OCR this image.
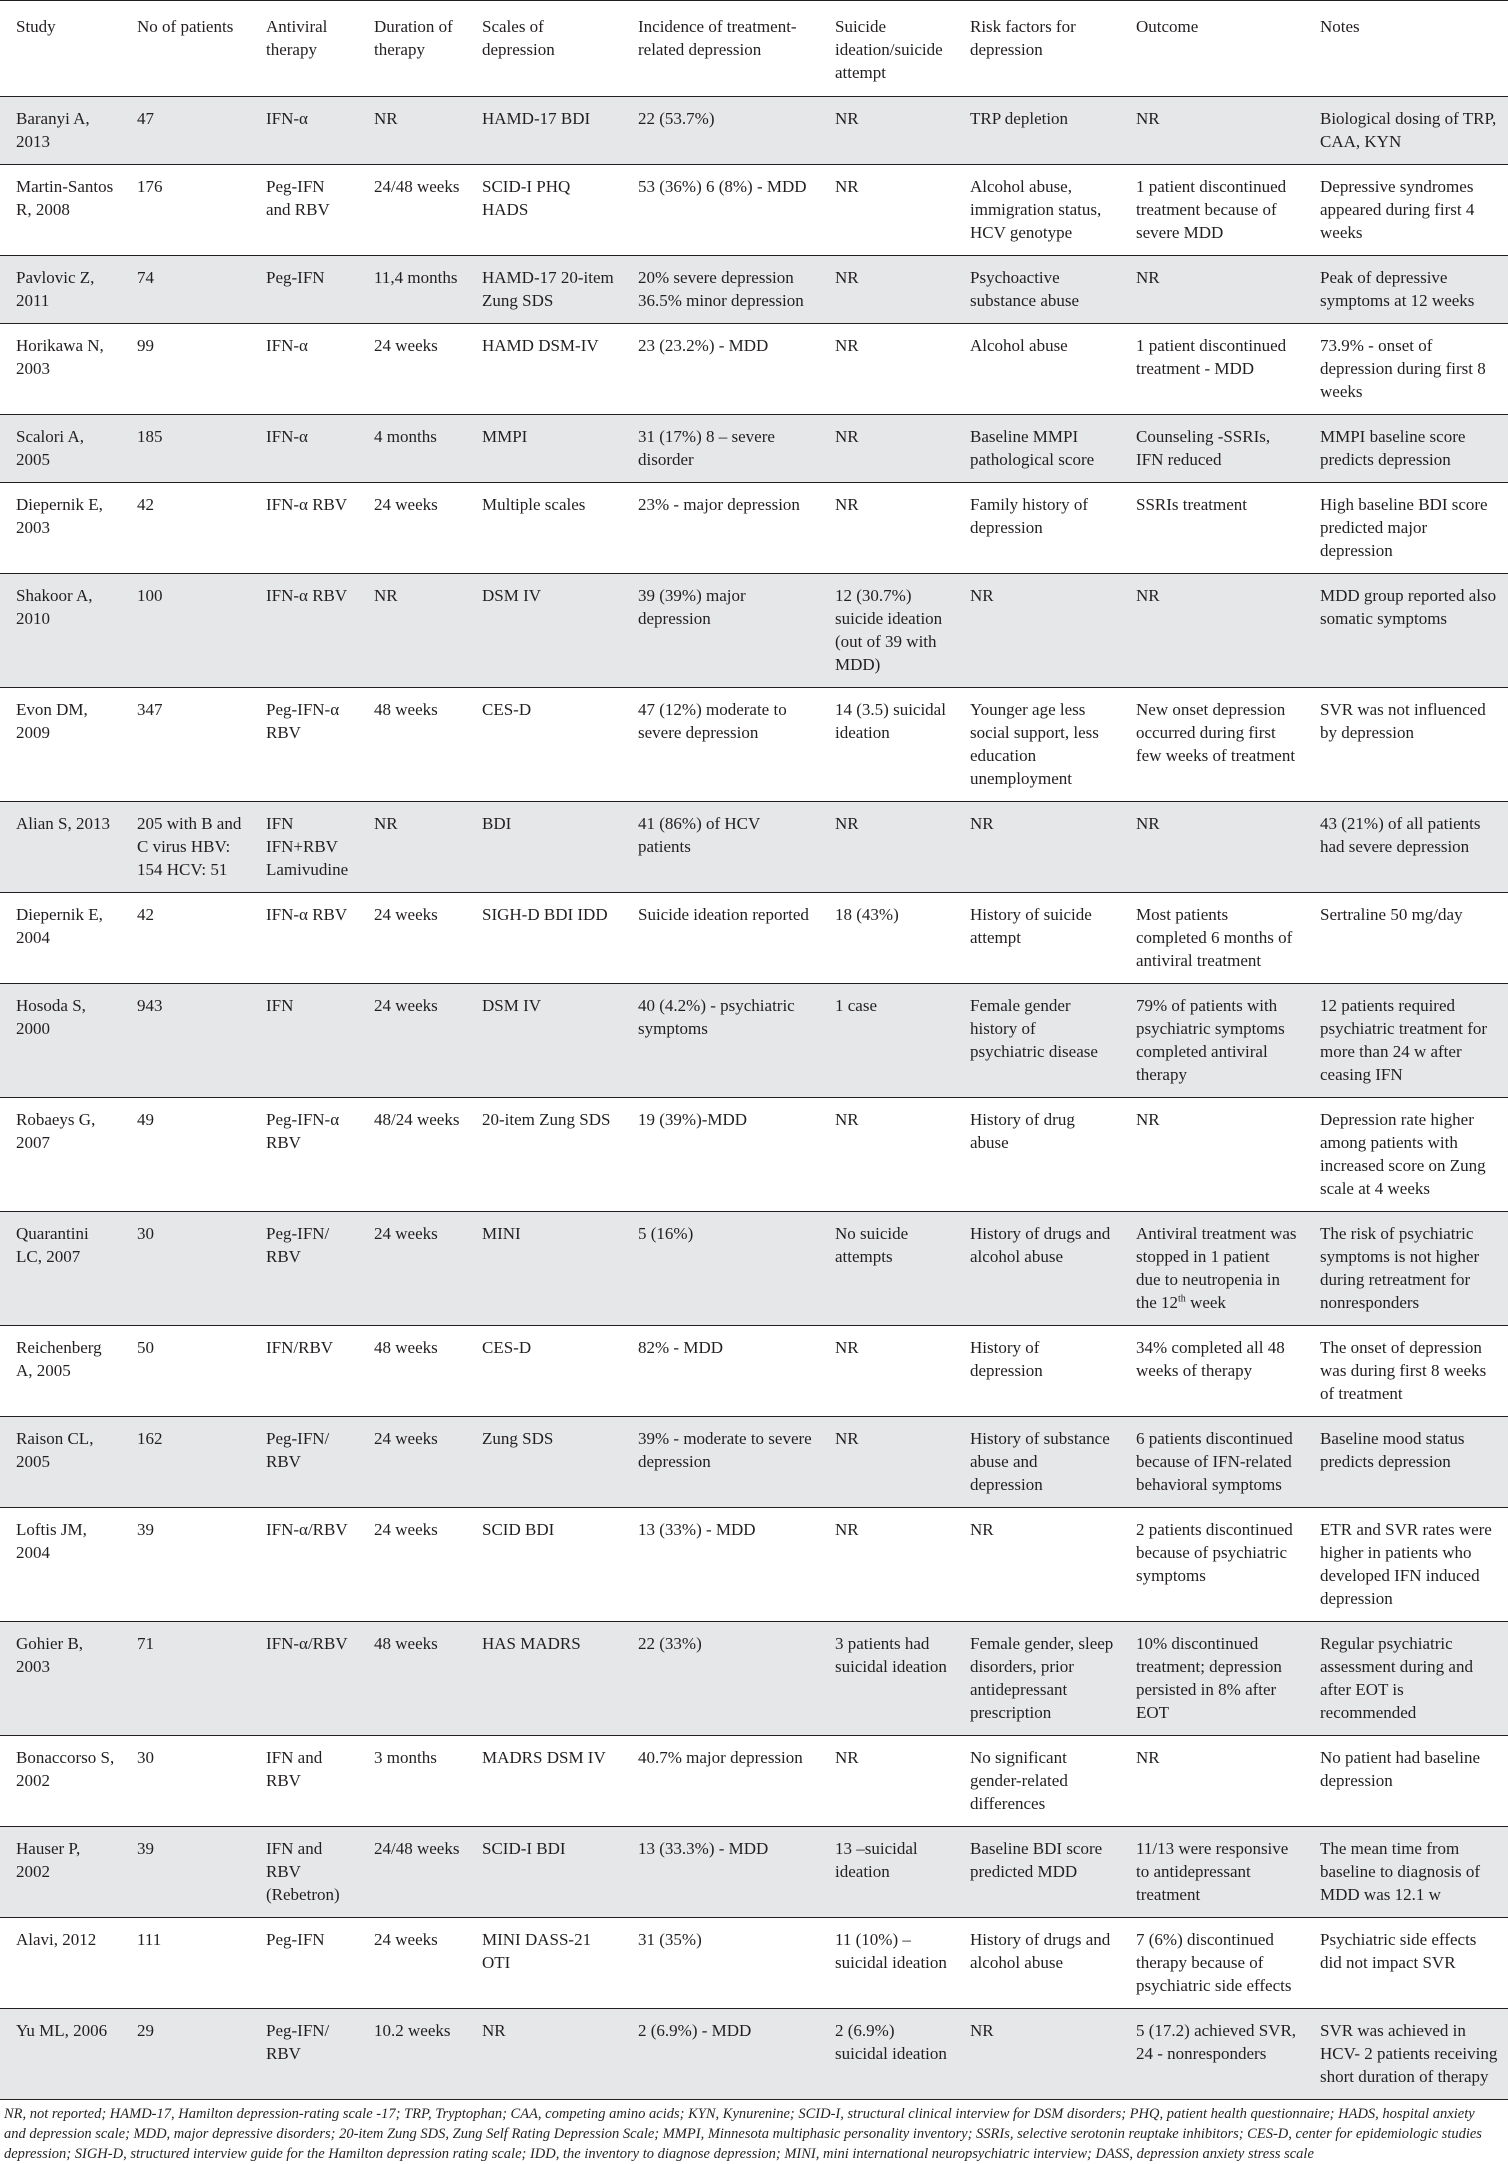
Study	No of patients	Antiviral therapy	Duration of therapy	Scales of depression	Incidence of treatment-related depression	Suicide ideation/suicide attempt	Risk factors for depression	Outcome	Notes
Baranyi A, 2013	47	IFN-α	NR	HAMD-17 BDI	22 (53.7%)	NR	TRP depletion	NR	Biological dosing of TRP, CAA, KYN
Martin-Santos R, 2008	176	Peg-IFN and RBV	24/48 weeks	SCID-I PHQ HADS	53 (36%) 6 (8%) - MDD	NR	Alcohol abuse, immigration status, HCV genotype	1 patient discontinued treatment because of severe MDD	Depressive syndromes appeared during first 4 weeks
Pavlovic Z, 2011	74	Peg-IFN	11,4 months	HAMD-17 20-item Zung SDS	20% severe depression 36.5% minor depression	NR	Psychoactive substance abuse	NR	Peak of depressive symptoms at 12 weeks
Horikawa N, 2003	99	IFN-α	24 weeks	HAMD DSM-IV	23 (23.2%) - MDD	NR	Alcohol abuse	1 patient discontinued treatment - MDD	73.9% - onset of depression during first 8 weeks
Scalori A, 2005	185	IFN-α	4 months	MMPI	31 (17%) 8 – severe disorder	NR	Baseline MMPI pathological score	Counseling -SSRIs, IFN reduced	MMPI baseline score predicts depression
Diepernik E, 2003	42	IFN-α RBV	24 weeks	Multiple scales	23% - major depression	NR	Family history of depression	SSRIs treatment	High baseline BDI score predicted major depression
Shakoor A, 2010	100	IFN-α RBV	NR	DSM IV	39 (39%) major depression	12 (30.7%) suicide ideation (out of 39 with MDD)	NR	NR	MDD group reported also somatic symptoms
Evon DM, 2009	347	Peg-IFN-α RBV	48 weeks	CES-D	47 (12%) moderate to severe depression	14 (3.5) suicidal ideation	Younger age less social support, less education unemployment	New onset depression occurred during first few weeks of treatment	SVR was not influenced by depression
Alian S, 2013	205 with B and C virus HBV: 154 HCV: 51	IFN IFN+RBV Lamivudine	NR	BDI	41 (86%) of HCV patients	NR	NR	NR	43 (21%) of all patients had severe depression
Diepernik E, 2004	42	IFN-α RBV	24 weeks	SIGH-D BDI IDD	Suicide ideation reported	18 (43%)	History of suicide attempt	Most patients completed 6 months of antiviral treatment	Sertraline 50 mg/day
Hosoda S, 2000	943	IFN	24 weeks	DSM IV	40 (4.2%) - psychiatric symptoms	1 case	Female gender history of psychiatric disease	79% of patients with psychiatric symptoms completed antiviral therapy	12 patients required psychiatric treatment for more than 24 w after ceasing IFN
Robaeys G, 2007	49	Peg-IFN-α RBV	48/24 weeks	20-item Zung SDS	19 (39%)-MDD	NR	History of drug abuse	NR	Depression rate higher among patients with increased score on Zung scale at 4 weeks
Quarantini LC, 2007	30	Peg-IFN/ RBV	24 weeks	MINI	5 (16%)	No suicide attempts	History of drugs and alcohol abuse	Antiviral treatment was stopped in 1 patient due to neutropenia in the 12th week	The risk of psychiatric symptoms is not higher during retreatment for nonresponders
Reichenberg A, 2005	50	IFN/RBV	48 weeks	CES-D	82% - MDD	NR	History of depression	34% completed all 48 weeks of therapy	The onset of depression was during first 8 weeks of treatment
Raison CL, 2005	162	Peg-IFN/ RBV	24 weeks	Zung SDS	39% - moderate to severe depression	NR	History of substance abuse and depression	6 patients discontinued because of IFN-related behavioral symptoms	Baseline mood status predicts depression
Loftis JM, 2004	39	IFN-α/RBV	24 weeks	SCID BDI	13 (33%) - MDD	NR	NR	2 patients discontinued because of psychiatric symptoms	ETR and SVR rates were higher in patients who developed IFN induced depression
Gohier B, 2003	71	IFN-α/RBV	48 weeks	HAS MADRS	22 (33%)	3 patients had suicidal ideation	Female gender, sleep disorders, prior antidepressant prescription	10% discontinued treatment; depression persisted in 8% after EOT	Regular psychiatric assessment during and after EOT is recommended
Bonaccorso S, 2002	30	IFN and RBV	3 months	MADRS DSM IV	40.7% major depression	NR	No significant gender-related differences	NR	No patient had baseline depression
Hauser P, 2002	39	IFN and RBV (Rebetron)	24/48 weeks	SCID-I BDI	13 (33.3%) - MDD	13 –suicidal ideation	Baseline BDI score predicted MDD	11/13 were responsive to antidepressant treatment	The mean time from baseline to diagnosis of MDD was 12.1 w
Alavi, 2012	111	Peg-IFN	24 weeks	MINI DASS-21 OTI	31 (35%)	11 (10%) – suicidal ideation	History of drugs and alcohol abuse	7 (6%) discontinued therapy because of psychiatric side effects	Psychiatric side effects did not impact SVR
Yu ML, 2006	29	Peg-IFN/ RBV	10.2 weeks	NR	2 (6.9%) - MDD	2 (6.9%) suicidal ideation	NR	5 (17.2) achieved SVR, 24 - nonresponders	SVR was achieved in HCV- 2 patients receiving short duration of therapy
NR, not reported; HAMD-17, Hamilton depression-rating scale -17; TRP, Tryptophan; CAA, competing amino acids; KYN, Kynurenine; SCID-I, structural clinical interview for DSM disorders; PHQ, patient health questionnaire; HADS, hospital anxiety and depression scale; MDD, major depressive disorders; 20-item Zung SDS, Zung Self Rating Depression Scale; MMPI, Minnesota multiphasic personality inventory; SSRIs, selective serotonin reuptake inhibitors; CES-D, center for epidemiologic studies depression; SIGH-D, structured interview guide for the Hamilton depression rating scale; IDD, the inventory to diagnose depression; MINI, mini international neuropsychiatric interview; DASS, depression anxiety stress scale
